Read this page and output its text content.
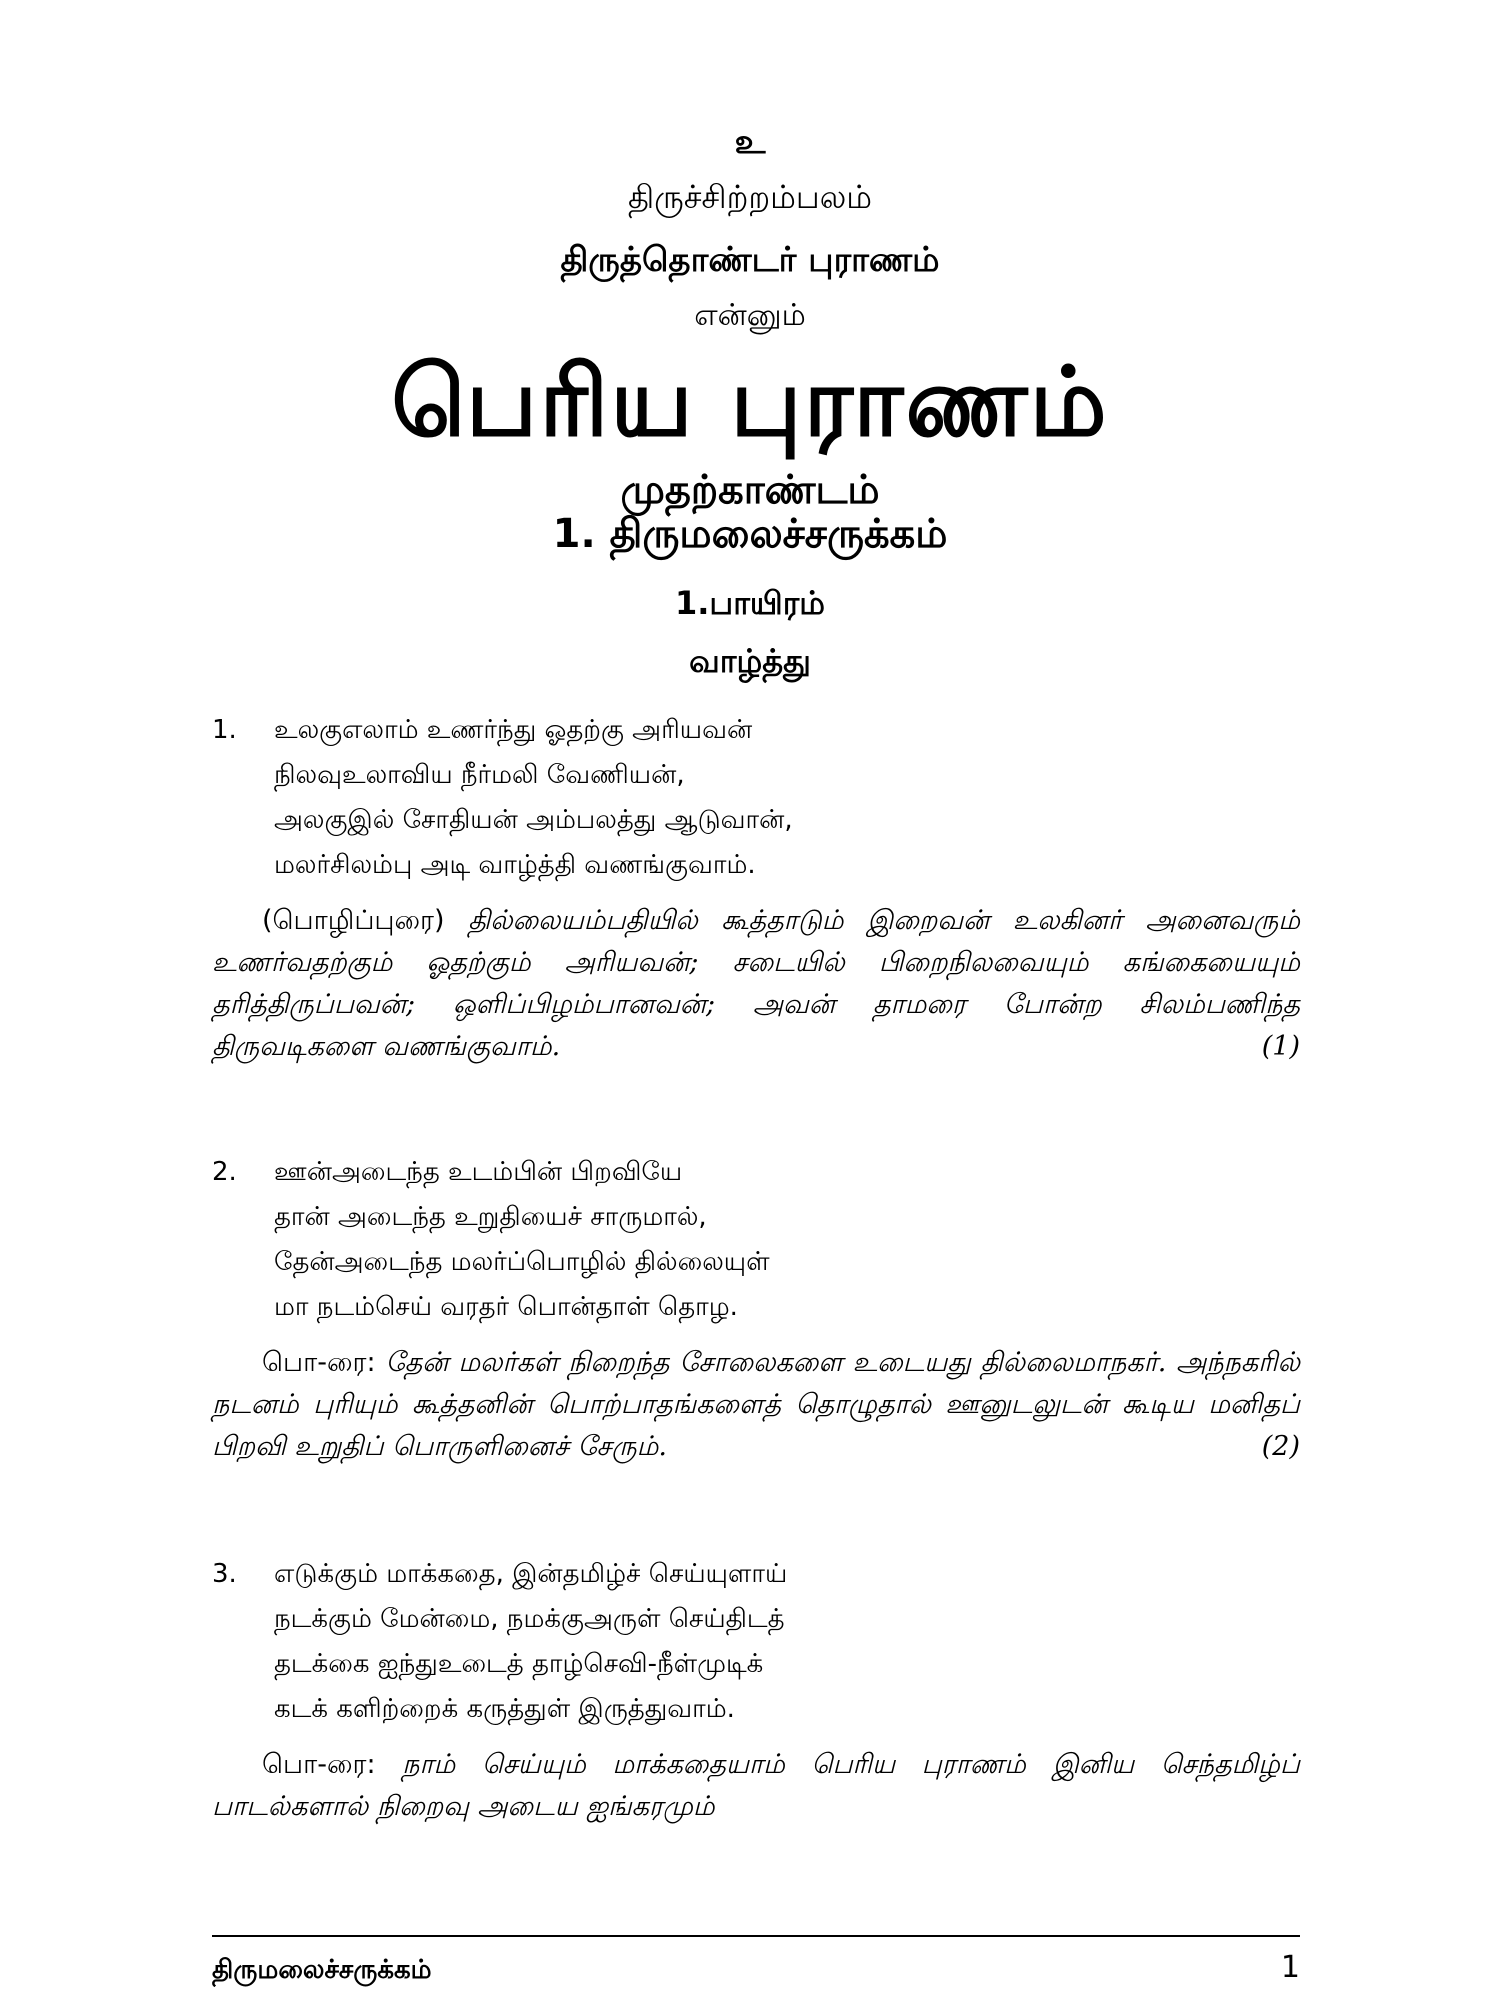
உ
திருச்சிற்றம்பலம்
திருத்தொண்டர் புராணம்
என்னும்
பெரிய புராணம்
முதற்காண்டம்
1. திருமலைச்சருக்கம்
1.பாயிரம்
வாழ்த்து
1. உலகுஎலாம் உணர்ந்து ஓதற்கு அரியவன்
நிலவுஉலாவிய நீர்மலி வேணியன்,
அலகுஇல் சோதியன் அம்பலத்து ஆடுவான்,
மலர்சிலம்பு அடி வாழ்த்தி வணங்குவாம்.
(பொழிப்புரை) தில்லையம்பதியில் கூத்தாடும் இறைவன் உலகினர் அனைவரும் உணர்வதற்கும் ஓதற்கும் அரியவன்; சடையில் பிறைநிலவையும் கங்கையையும் தரித்திருப்பவன்; ஒளிப்பிழம்பானவன்; அவன் தாமரை போன்ற சிலம்பணிந்த திருவடிகளை வணங்குவாம்.	(1)
2. ஊன்அடைந்த உடம்பின் பிறவியே
தான் அடைந்த உறுதியைச் சாருமால்,
தேன்அடைந்த மலர்ப்பொழில் தில்லையுள்
மா நடம்செய் வரதர் பொன்தாள் தொழ.
பொ-ரை: தேன் மலர்கள் நிறைந்த சோலைகளை உடையது தில்லைமாநகர். அந்நகரில் நடனம் புரியும் கூத்தனின் பொற்பாதங்களைத் தொழுதால் ஊனுடலுடன் கூடிய மனிதப் பிறவி உறுதிப் பொருளினைச் சேரும்.	(2)
3. எடுக்கும் மாக்கதை, இன்தமிழ்ச் செய்யுளாய்
நடக்கும் மேன்மை, நமக்குஅருள் செய்திடத்
தடக்கை ஐந்துஉடைத் தாழ்செவி-நீள்முடிக்
கடக் களிற்றைக் கருத்துள் இருத்துவாம்.
பொ-ரை: நாம் செய்யும் மாக்கதையாம் பெரிய புராணம் இனிய செந்தமிழ்ப் பாடல்களால் நிறைவு அடைய ஐங்கரமும்
திருமலைச்சருக்கம்	1
